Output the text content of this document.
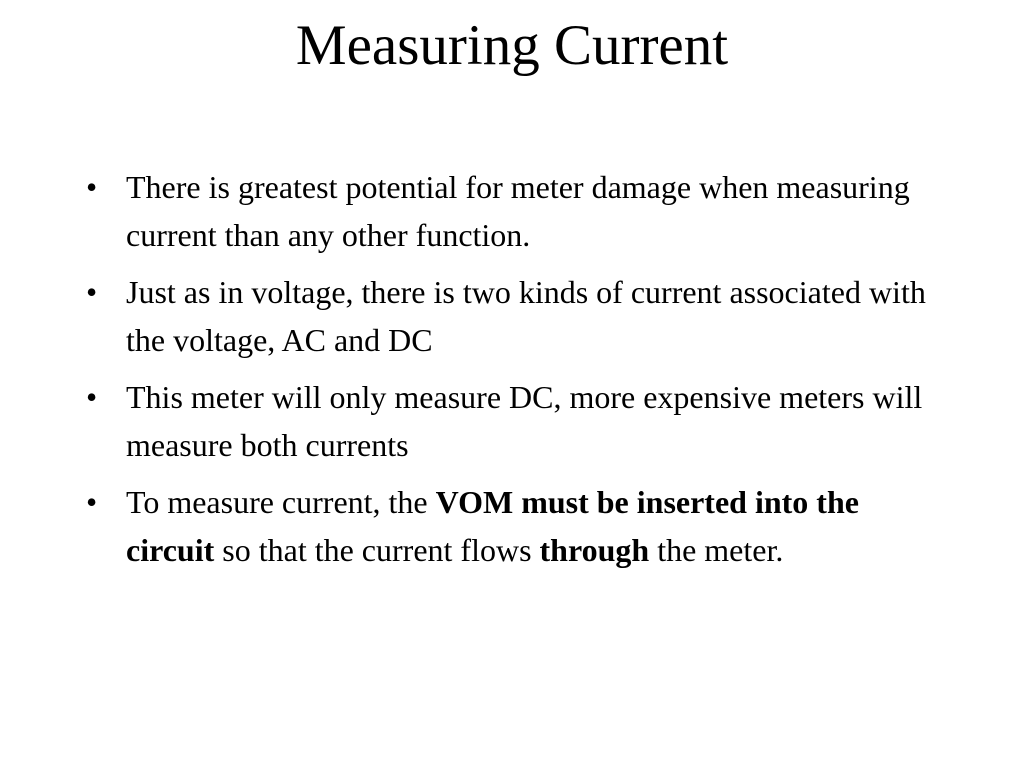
Measuring Current
• There is greatest potential for meter damage when measuring current than any other function.
• Just as in voltage, there is two kinds of current associated with the voltage, AC and DC
• This meter will only measure DC, more expensive meters will measure both currents
• To measure current, the VOM must be inserted into the circuit so that the current flows through the meter.
